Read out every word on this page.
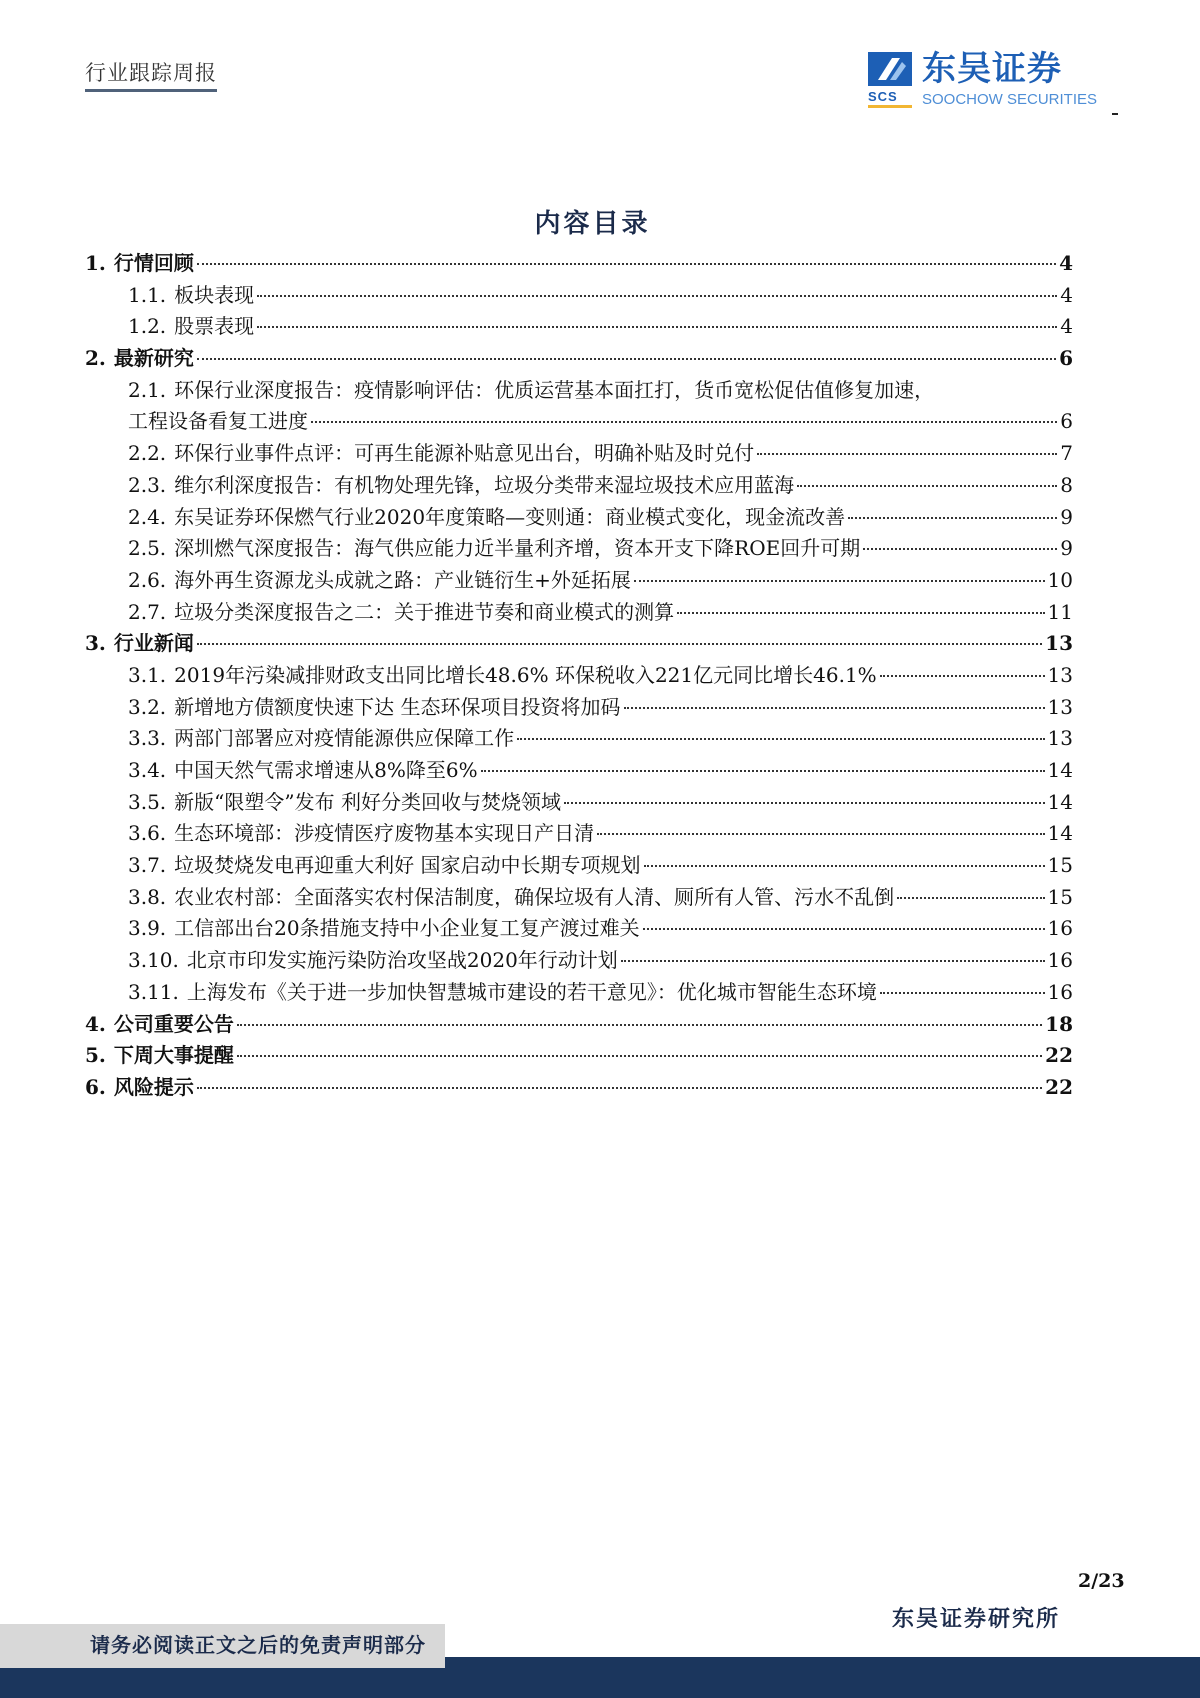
行业跟踪周报	东吴证券
SCS SOOCHOW SECURITIES
内容目录
1. 行情回顾	4
1.1. 板块表现	4
1.2. 股票表现	4
2. 最新研究	6
2.1. 环保行业深度报告：疫情影响评估：优质运营基本面扛打，货币宽松促估值修复加速，
工程设备看复工进度	6
2.2. 环保行业事件点评：可再生能源补贴意见出台，明确补贴及时兑付	7
2.3. 维尔利深度报告：有机物处理先锋，垃圾分类带来湿垃圾技术应用蓝海	8
2.4. 东吴证券环保燃气行业2020年度策略—变则通：商业模式变化，现金流改善	9
2.5. 深圳燃气深度报告：海气供应能力近半量利齐增，资本开支下降ROE回升可期	9
2.6. 海外再生资源龙头成就之路：产业链衍生+外延拓展	10
2.7. 垃圾分类深度报告之二：关于推进节奏和商业模式的测算	11
3. 行业新闻	13
3.1. 2019年污染减排财政支出同比增长48.6% 环保税收入221亿元同比增长46.1%	13
3.2. 新增地方债额度快速下达 生态环保项目投资将加码	13
3.3. 两部门部署应对疫情能源供应保障工作	13
3.4. 中国天然气需求增速从8%降至6%	14
3.5. 新版“限塑令”发布 利好分类回收与焚烧领域	14
3.6. 生态环境部：涉疫情医疗废物基本实现日产日清	14
3.7. 垃圾焚烧发电再迎重大利好 国家启动中长期专项规划	15
3.8. 农业农村部：全面落实农村保洁制度，确保垃圾有人清、厕所有人管、污水不乱倒	15
3.9. 工信部出台20条措施支持中小企业复工复产渡过难关	16
3.10. 北京市印发实施污染防治攻坚战2020年行动计划	16
3.11. 上海发布《关于进一步加快智慧城市建设的若干意见》：优化城市智能生态环境	16
4. 公司重要公告	18
5. 下周大事提醒	22
6. 风险提示	22
2/23
东吴证券研究所
请务必阅读正文之后的免责声明部分
